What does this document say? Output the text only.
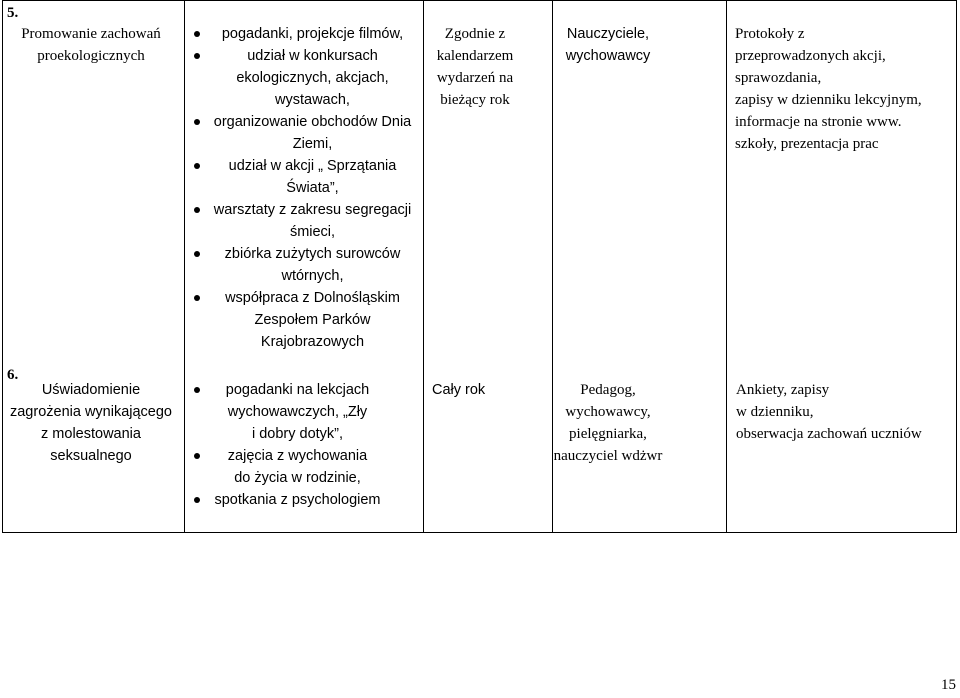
5.
Promowanie zachowań
proekologicznych
pogadanki, projekcje filmów,
udział w konkursach
ekologicznych, akcjach,
wystawach,
organizowanie obchodów Dnia
Ziemi,
udział w akcji „ Sprzątania
Świata”,
warsztaty z zakresu segregacji
śmieci,
zbiórka zużytych surowców
wtórnych,
współpraca z Dolnośląskim
Zespołem Parków
Krajobrazowych
Zgodnie z
kalendarzem
wydarzeń na
bieżący rok
Nauczyciele,
wychowawcy
Protokoły z
przeprowadzonych akcji,
sprawozdania,
zapisy w dzienniku lekcyjnym,
informacje na stronie www.
szkoły, prezentacja prac
6.
Uświadomienie
zagrożenia wynikającego
z molestowania
seksualnego
pogadanki na lekcjach
wychowawczych, „Zły
i dobry dotyk”,
zajęcia z wychowania
do życia w rodzinie,
spotkania z psychologiem
Cały rok	Pedagog,
wychowawcy,
pielęgniarka,
nauczyciel wdżwr
Ankiety, zapisy
w dzienniku,
obserwacja zachowań uczniów
15
